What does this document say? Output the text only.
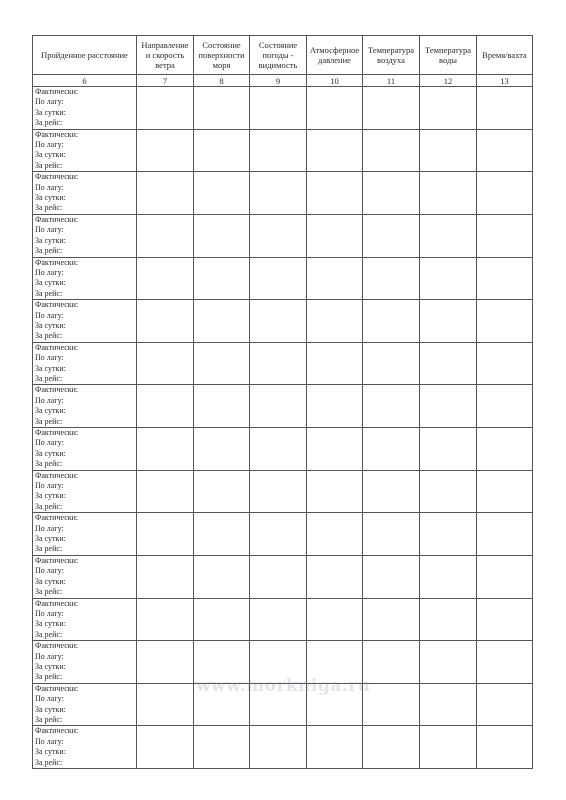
Пройденное расстояние	Направление и скорость ветра	Состояние поверхности моря	Состояние погоды - видимость	Атмосферное давление	Температура воздуха	Температура воды	Время/вахта
6	7	8	9	10	11	12	13

Фактически:
По лагу:
За сутки:
За рейс:							

Фактически:
По лагу:
За сутки:
За рейс:							

Фактически:
По лагу:
За сутки:
За рейс:							

Фактически:
По лагу:
За сутки:
За рейс:							

Фактически:
По лагу:
За сутки:
За рейс:							

Фактически:
По лагу:
За сутки:
За рейс:							

Фактически:
По лагу:
За сутки:
За рейс:							

Фактически:
По лагу:
За сутки:
За рейс:							

Фактически:
По лагу:
За сутки:
За рейс:							

Фактически:
По лагу:
За сутки:
За рейс:							

Фактически:
По лагу:
За сутки:
За рейс:							

Фактически:
По лагу:
За сутки:
За рейс:							

Фактически:
По лагу:
За сутки:
За рейс:							

Фактически:
По лагу:
За сутки:
За рейс:							

Фактически:
По лагу:
За сутки:
За рейс:							

Фактически:
По лагу:
За сутки:
За рейс:							

www.morkniga.ru
